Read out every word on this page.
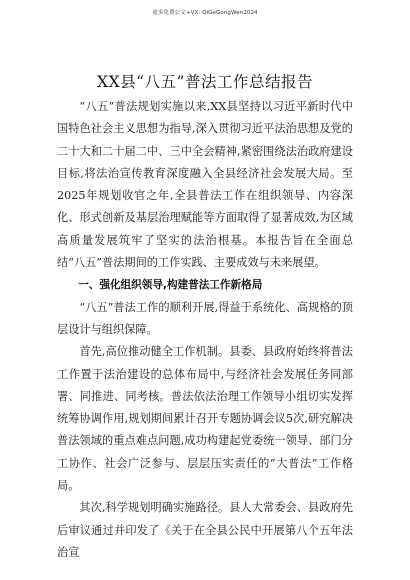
更多免费公文+VX: QiGeGongWen2024
XX县“八五”普法工作总结报告

“八五”普法规划实施以来,XX县坚持以习近平新时代中国特色社会主义思想为指导,深入贯彻习近平法治思想及党的二十大和二十届二中、三中全会精神,紧密围绕法治政府建设目标,将法治宣传教育深度融入全县经济社会发展大局。至2025年规划收官之年,全县普法工作在组织领导、内容深化、形式创新及基层治理赋能等方面取得了显著成效,为区域高质量发展筑牢了坚实的法治根基。本报告旨在全面总结“八五”普法期间的工作实践、主要成效与未来展望。

一、强化组织领导,构建普法工作新格局

“八五”普法工作的顺利开展,得益于系统化、高规格的顶层设计与组织保障。

首先,高位推动健全工作机制。县委、县政府始终将普法工作置于法治建设的总体布局中,与经济社会发展任务同部署、同推进、同考核。普法依法治理工作领导小组切实发挥统筹协调作用,规划期间累计召开专题协调会议5次,研究解决普法领域的重点难点问题,成功构建起党委统一领导、部门分工协作、社会广泛参与、层层压实责任的“大普法”工作格局。

其次,科学规划明确实施路径。县人大常委会、县政府先后审议通过并印发了《关于在全县公民中开展第八个五年法治宣
